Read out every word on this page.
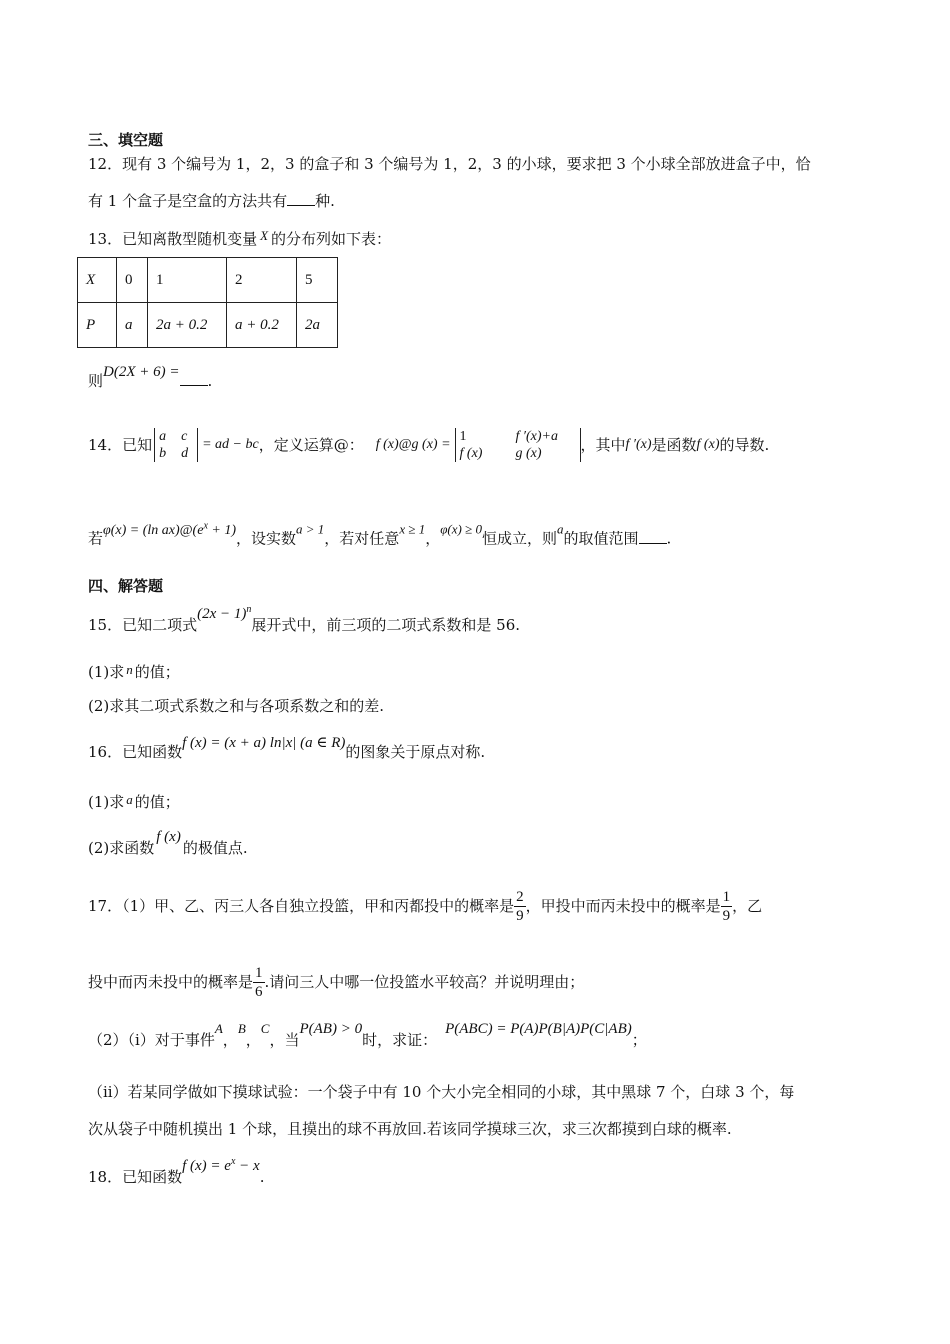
三、填空题
12．现有 3 个编号为 1，2，3 的盒子和 3 个编号为 1，2，3 的小球，要求把 3 个小球全部放进盒子中，恰
有 1 个盒子是空盒的方法共有 种.
13．已知离散型随机变量 X 的分布列如下表：
X	0	1	2	5
P	a	2a + 0.2	a + 0.2	2a
则D(2X + 6) = .
14．已知 a c
b d
= ad − bc ，定义运算@： f (x)@g (x) =
1	f ′(x)+a
f (x) g (x)	，其中 f ′(x) 是函数 f (x) 的导数.
若φ(x) = (ln $ax)@(e^x + 1)$，设实数a > 1，若对任意x ≥ 1，φ(x) ≥ 0恒成立，则a的取值范围 .
四、解答题
15．已知二项式$(2x - 1)^n$展开式中，前三项的二项式系数和是 56.
(1)求 n 的值；
(2)求其二项式系数之和与各项系数之和的差.
16．已知函数f (x) = (x + a) ln|x| (a ∈ R)的图象关于原点对称.
(1)求 a 的值；
(2)求函数f (x)的极值点.
17．（1）甲、乙、丙三人各自独立投篮，甲和丙都投中的概率是 $\frac{2}{9}$ ，甲投中而丙未投中的概率是 $\frac{1}{9}$ ，乙
投中而丙未投中的概率是 $\frac{1}{6}$ .请问三人中哪一位投篮水平较高？并说明理由；
（2）（i）对于事件A，B，C，当P(AB) > 0时，求证：P(ABC) = P(A)P(B|A)P(C|AB)；
（ii）若某同学做如下摸球试验：一个袋子中有 10 个大小完全相同的小球，其中黑球 7 个，白球 3 个，每
次从袋子中随机摸出 1 个球，且摸出的球不再放回.若该同学摸球三次，求三次都摸到白球的概率.
18．已知函数f $(x) = e^x - x$.
